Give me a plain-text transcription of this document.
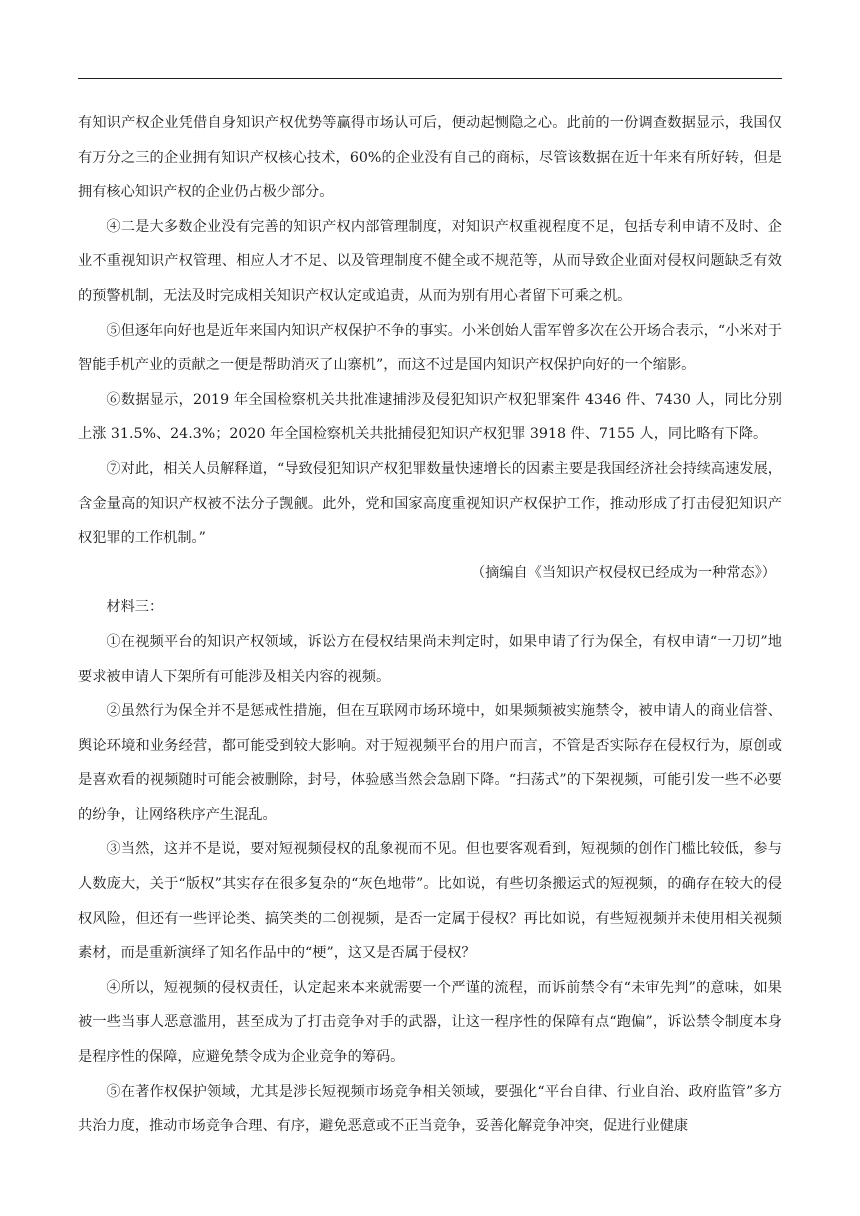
有知识产权企业凭借自身知识产权优势等赢得市场认可后，便动起恻隐之心。此前的一份调查数据显示，我国仅有万分之三的企业拥有知识产权核心技术，60%的企业没有自己的商标，尽管该数据在近十年来有所好转，但是拥有核心知识产权的企业仍占极少部分。

④二是大多数企业没有完善的知识产权内部管理制度，对知识产权重视程度不足，包括专利申请不及时、企业不重视知识产权管理、相应人才不足、以及管理制度不健全或不规范等，从而导致企业面对侵权问题缺乏有效的预警机制，无法及时完成相关知识产权认定或追责，从而为别有用心者留下可乘之机。

⑤但逐年向好也是近年来国内知识产权保护不争的事实。小米创始人雷军曾多次在公开场合表示，“小米对于智能手机产业的贡献之一便是帮助消灭了山寨机”，而这不过是国内知识产权保护向好的一个缩影。

⑥数据显示，2019 年全国检察机关共批准逮捕涉及侵犯知识产权犯罪案件 4346 件、7430 人，同比分别上涨 31.5%、24.3%；2020 年全国检察机关共批捕侵犯知识产权犯罪 3918 件、7155 人，同比略有下降。

⑦对此，相关人员解释道，“导致侵犯知识产权犯罪数量快速增长的因素主要是我国经济社会持续高速发展，含金量高的知识产权被不法分子觊觎。此外，党和国家高度重视知识产权保护工作，推动形成了打击侵犯知识产权犯罪的工作机制。”

（摘编自《当知识产权侵权已经成为一种常态》）

材料三：

①在视频平台的知识产权领域，诉讼方在侵权结果尚未判定时，如果申请了行为保全，有权申请“一刀切”地要求被申请人下架所有可能涉及相关内容的视频。

②虽然行为保全并不是惩戒性措施，但在互联网市场环境中，如果频频被实施禁令，被申请人的商业信誉、舆论环境和业务经营，都可能受到较大影响。对于短视频平台的用户而言，不管是否实际存在侵权行为，原创或是喜欢看的视频随时可能会被删除，封号，体验感当然会急剧下降。“扫荡式”的下架视频，可能引发一些不必要的纷争，让网络秩序产生混乱。

③当然，这并不是说，要对短视频侵权的乱象视而不见。但也要客观看到，短视频的创作门槛比较低，参与人数庞大，关于“版权”其实存在很多复杂的“灰色地带”。比如说，有些切条搬运式的短视频，的确存在较大的侵权风险，但还有一些评论类、搞笑类的二创视频，是否一定属于侵权？再比如说，有些短视频并未使用相关视频素材，而是重新演绎了知名作品中的“梗”，这又是否属于侵权？

④所以，短视频的侵权责任，认定起来本来就需要一个严谨的流程，而诉前禁令有“未审先判”的意味，如果被一些当事人恶意滥用，甚至成为了打击竞争对手的武器，让这一程序性的保障有点“跑偏”，诉讼禁令制度本身是程序性的保障，应避免禁令成为企业竞争的筹码。

⑤在著作权保护领域，尤其是涉长短视频市场竞争相关领域，要强化“平台自律、行业自治、政府监管”多方共治力度，推动市场竞争合理、有序，避免恶意或不正当竞争，妥善化解竞争冲突，促进行业健康
